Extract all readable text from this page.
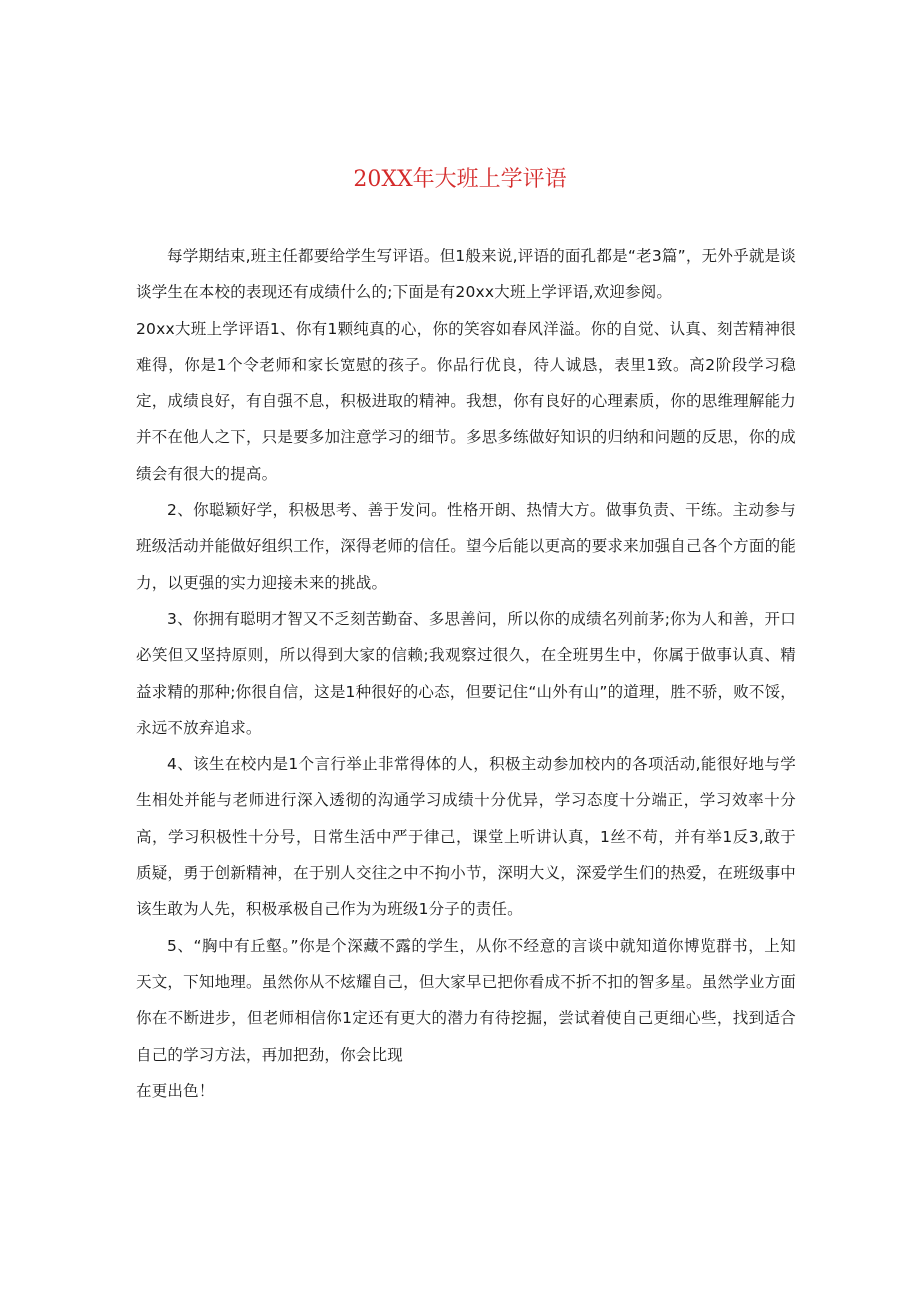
20XX年大班上学评语

每学期结束,班主任都要给学生写评语。但1般来说,评语的面孔都是“老3篇”，无外乎就是谈谈学生在本校的表现还有成绩什么的;下面是有20xx大班上学评语,欢迎参阅。

20xx大班上学评语1、你有1颗纯真的心，你的笑容如春风洋溢。你的自觉、认真、刻苦精神很难得，你是1个令老师和家长宽慰的孩子。你品行优良，待人诚恳，表里1致。高2阶段学习稳定，成绩良好，有自强不息，积极进取的精神。我想，你有良好的心理素质，你的思维理解能力并不在他人之下，只是要多加注意学习的细节。多思多练做好知识的归纳和问题的反思，你的成绩会有很大的提高。

2、你聪颖好学，积极思考、善于发问。性格开朗、热情大方。做事负责、干练。主动参与班级活动并能做好组织工作，深得老师的信任。望今后能以更高的要求来加强自己各个方面的能力，以更强的实力迎接未来的挑战。

3、你拥有聪明才智又不乏刻苦勤奋、多思善问，所以你的成绩名列前茅;你为人和善，开口必笑但又坚持原则，所以得到大家的信赖;我观察过很久，在全班男生中，你属于做事认真、精益求精的那种;你很自信，这是1种很好的心态，但要记住“山外有山”的道理，胜不骄，败不馁，永远不放弃追求。

4、该生在校内是1个言行举止非常得体的人，积极主动参加校内的各项活动,能很好地与学生相处并能与老师进行深入透彻的沟通学习成绩十分优异，学习态度十分端正，学习效率十分高，学习积极性十分号，日常生活中严于律己，课堂上听讲认真，1丝不苟，并有举1反3,敢于质疑，勇于创新精神，在于别人交往之中不拘小节，深明大义，深爱学生们的热爱，在班级事中该生敢为人先，积极承极自己作为为班级1分子的责任。

5、“胸中有丘壑。”你是个深藏不露的学生，从你不经意的言谈中就知道你博览群书，上知天文，下知地理。虽然你从不炫耀自己，但大家早已把你看成不折不扣的智多星。虽然学业方面你在不断进步，但老师相信你1定还有更大的潜力有待挖掘，尝试着使自己更细心些，找到适合自己的学习方法，再加把劲，你会比现

在更出色！
